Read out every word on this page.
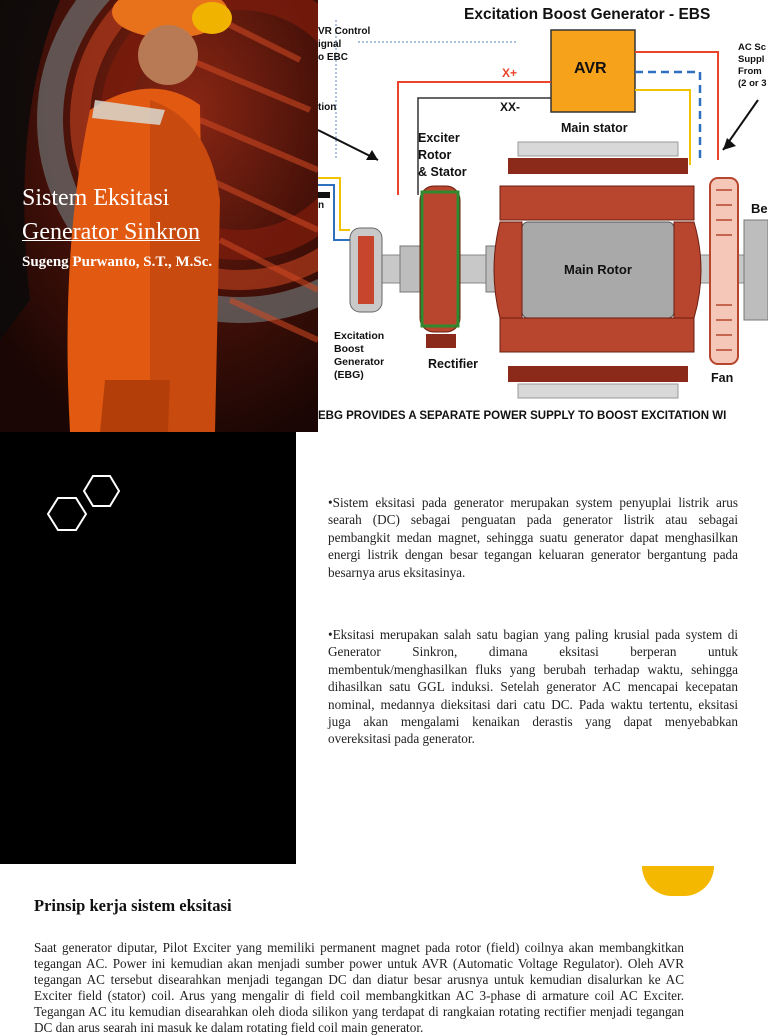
Sistem Eksitasi
Generator Sinkron
Sugeng Purwanto, S.T., M.Sc.
Excitation Boost Generator - EBS
AVR
VR Control
ignal
o EBC
tion
n
X+
XX-
Exciter
Rotor
& Stator
Main stator
Main Rotor
Excitation
Boost
Generator
(EBG)
Rectifier
Fan
AC Sc
Suppl
From
(2 or 3
Be
EBG PROVIDES A SEPARATE POWER SUPPLY TO BOOST EXCITATION WI
•Sistem eksitasi pada generator merupakan system penyuplai listrik arus searah (DC) sebagai penguatan pada generator listrik atau sebagai pembangkit medan magnet, sehingga suatu generator dapat menghasilkan energi listrik dengan besar tegangan keluaran generator bergantung pada besarnya arus eksitasinya.
•Eksitasi merupakan salah satu bagian yang paling krusial pada system di Generator Sinkron, dimana eksitasi berperan untuk membentuk/menghasilkan fluks yang berubah terhadap waktu, sehingga dihasilkan satu GGL induksi. Setelah generator AC mencapai kecepatan nominal, medannya dieksitasi dari catu DC. Pada waktu tertentu, eksitasi juga akan mengalami kenaikan derastis yang dapat menyebabkan overeksitasi pada generator.
Prinsip kerja sistem eksitasi
Saat generator diputar, Pilot Exciter yang memiliki permanent magnet pada rotor (field) coilnya akan membangkitkan tegangan AC. Power ini kemudian akan menjadi sumber power untuk AVR (Automatic Voltage Regulator). Oleh AVR tegangan AC tersebut disearahkan menjadi tegangan DC dan diatur besar arusnya untuk kemudian disalurkan ke AC Exciter field (stator) coil. Arus yang mengalir di field coil membangkitkan AC 3-phase di armature coil AC Exciter. Tegangan AC itu kemudian disearahkan oleh dioda silikon yang terdapat di rangkaian rotating rectifier menjadi tegangan DC dan arus searah ini masuk ke dalam rotating field coil main generator.
